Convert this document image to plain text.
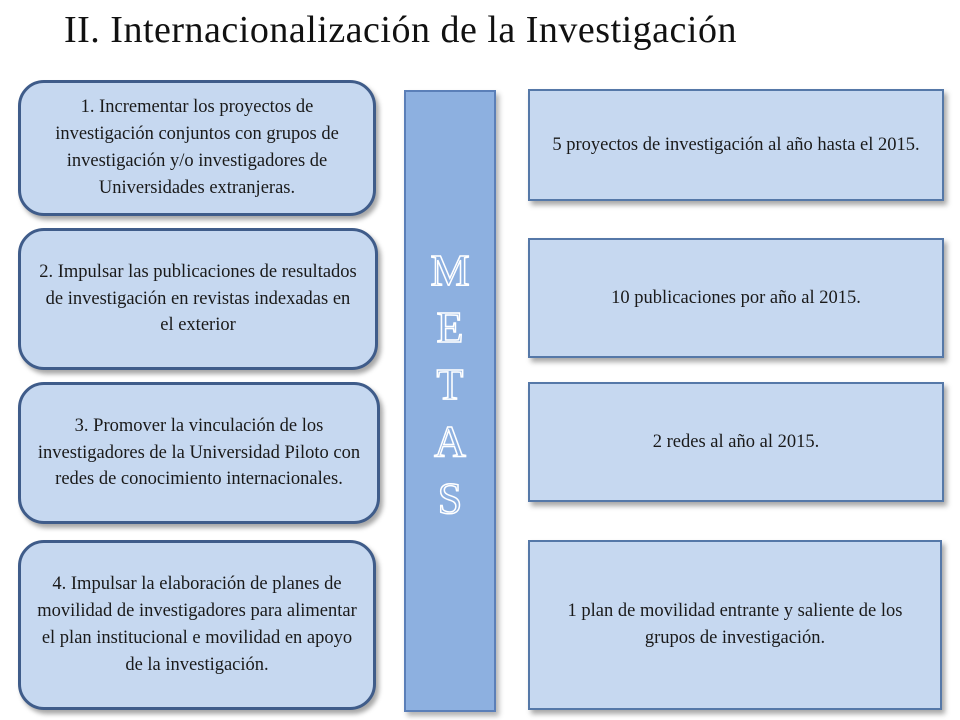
II. Internacionalización de la Investigación
1. Incrementar los proyectos de investigación conjuntos con grupos de investigación y/o investigadores de Universidades extranjeras.
2. Impulsar las publicaciones de resultados de investigación en revistas indexadas en el exterior
3. Promover la vinculación de los investigadores de la Universidad Piloto con redes de conocimiento internacionales.
4. Impulsar la elaboración de planes de movilidad de investigadores para alimentar el plan institucional e movilidad en apoyo de la investigación.
M
E
T
A
S
5 proyectos de investigación al año hasta el 2015.
10 publicaciones por año al 2015.
2 redes al año al 2015.
1 plan de movilidad entrante y saliente de los grupos de investigación.
